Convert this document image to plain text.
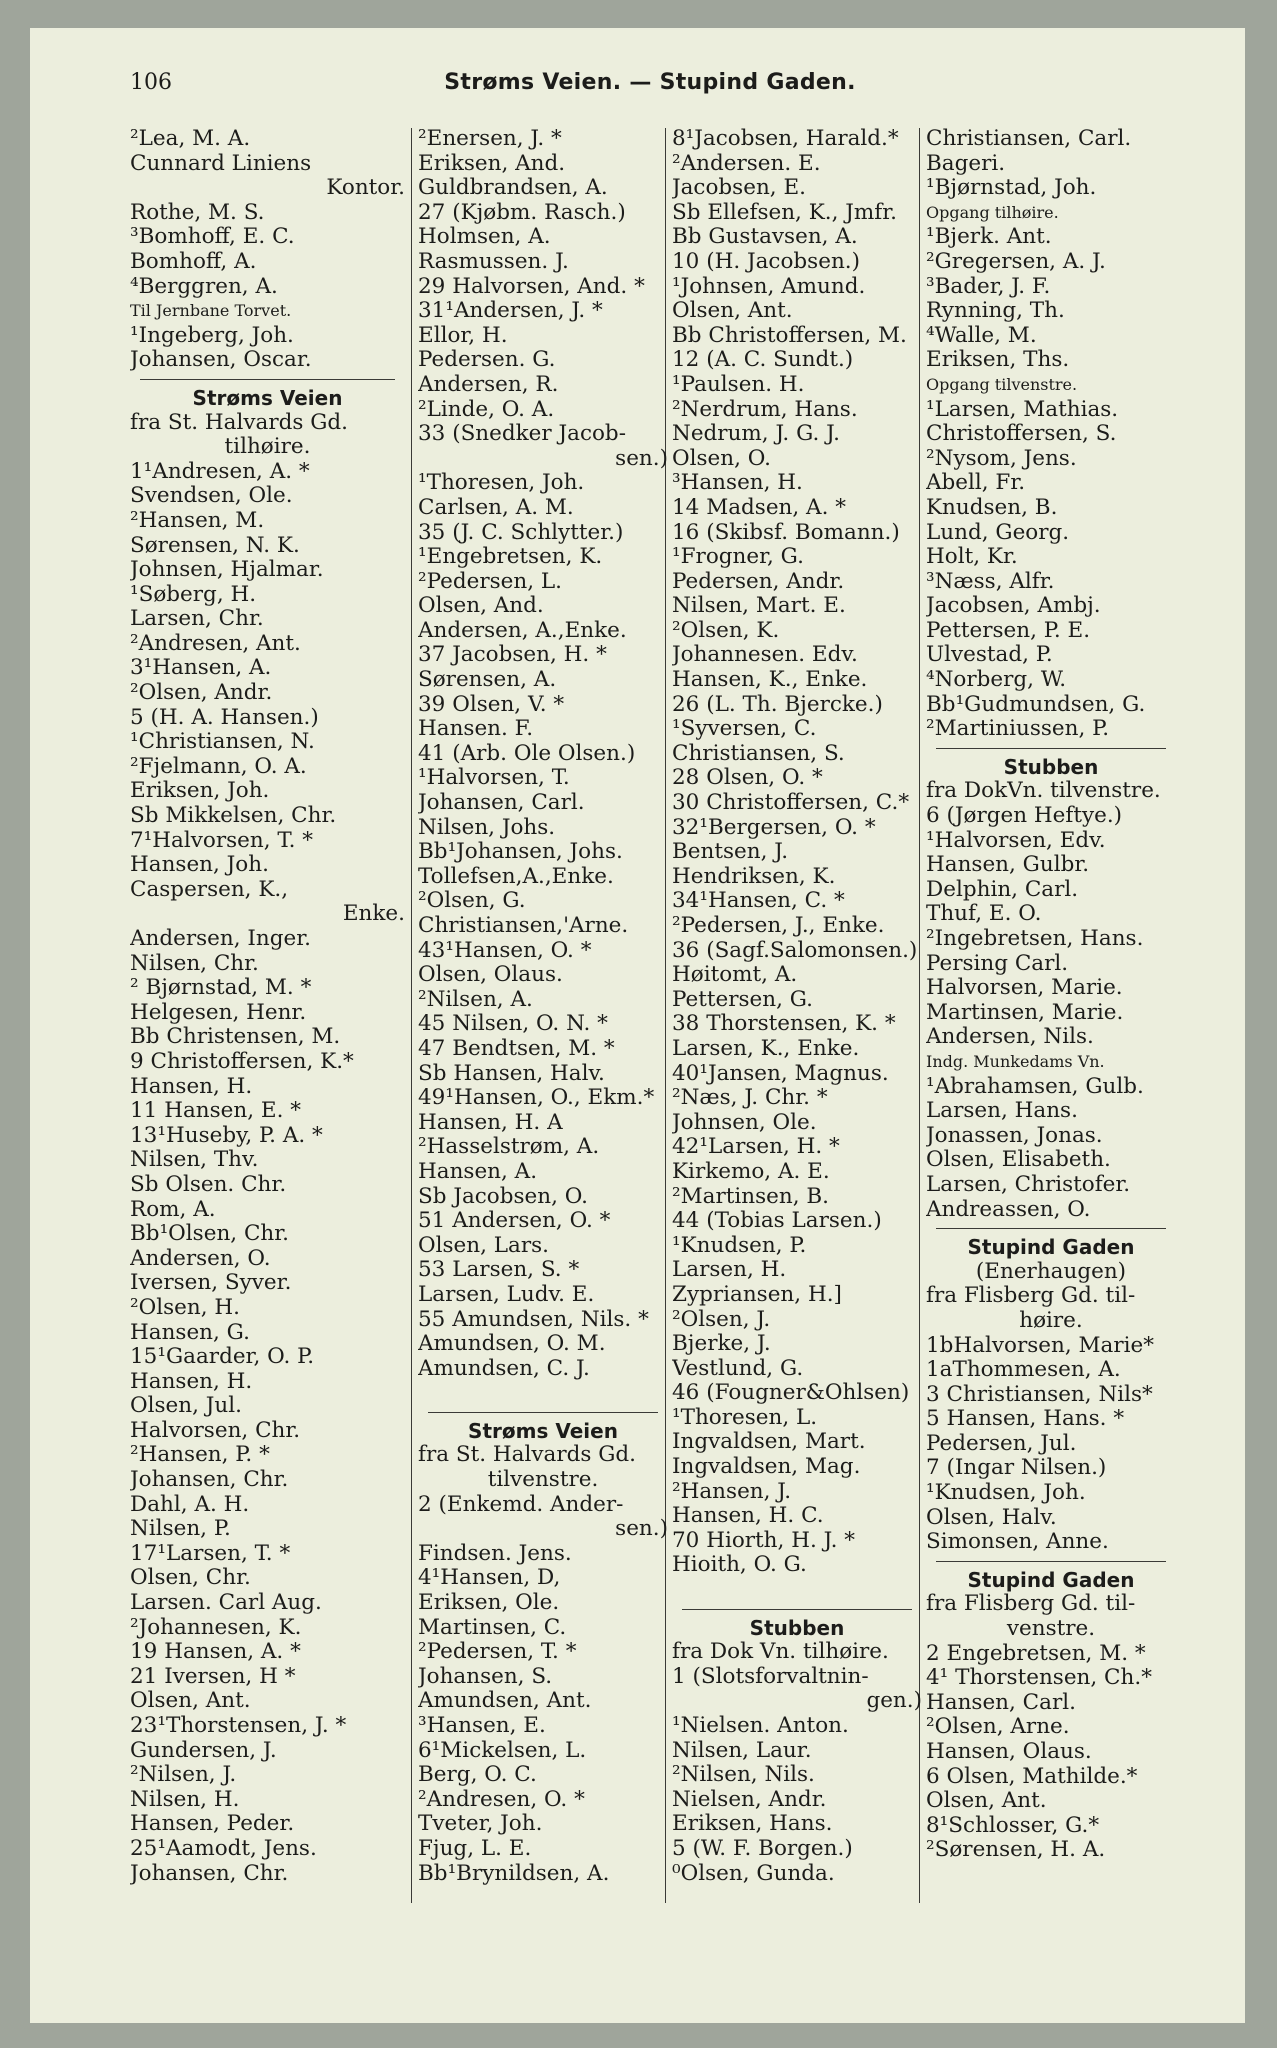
106	Strøms Veien. — Stupind Gaden.
²Lea, M. A.
Cunnard Liniens
Kontor.
Rothe, M. S.
³Bomhoff, E. C.
Bomhoff, A.
⁴Berggren, A.
Til Jernbane Torvet.
¹Ingeberg, Joh.
Johansen, Oscar.
Strøms Veien
fra St. Halvards Gd.
tilhøire.
1¹Andresen, A. *
Svendsen, Ole.
²Hansen, M.
Sørensen, N. K.
Johnsen, Hjalmar.
¹Søberg, H.
Larsen, Chr.
²Andresen, Ant.
3¹Hansen, A.
²Olsen, Andr.
5 (H. A. Hansen.)
¹Christiansen, N.
²Fjelmann, O. A.
Eriksen, Joh.
Sb Mikkelsen, Chr.
7¹Halvorsen, T. *
Hansen, Joh.
Caspersen, K.,
Enke.
Andersen, Inger.
Nilsen, Chr.
² Bjørnstad, M. *
Helgesen, Henr.
Bb Christensen, M.
9 Christoffersen, K.*
Hansen, H.
11 Hansen, E. *
13¹Huseby, P. A. *
Nilsen, Thv.
Sb Olsen. Chr.
Rom, A.
Bb¹Olsen, Chr.
Andersen, O.
Iversen, Syver.
²Olsen, H.
Hansen, G.
15¹Gaarder, O. P.
Hansen, H.
Olsen, Jul.
Halvorsen, Chr.
²Hansen, P. *
Johansen, Chr.
Dahl, A. H.
Nilsen, P.
17¹Larsen, T. *
Olsen, Chr.
Larsen. Carl Aug.
²Johannesen, K.
19 Hansen, A. *
21 Iversen, H *
Olsen, Ant.
23¹Thorstensen, J. *
Gundersen, J.
²Nilsen, J.
Nilsen, H.
Hansen, Peder.
25¹Aamodt, Jens.
Johansen, Chr.
²Enersen, J. *
Eriksen, And.
Guldbrandsen, A.
27 (Kjøbm. Rasch.)
Holmsen, A.
Rasmussen. J.
29 Halvorsen, And. *
31¹Andersen, J. *
Ellor, H.
Pedersen. G.
Andersen, R.
²Linde, O. A.
33 (Snedker Jacob-
sen.)
¹Thoresen, Joh.
Carlsen, A. M.
35 (J. C. Schlytter.)
¹Engebretsen, K.
²Pedersen, L.
Olsen, And.
Andersen, A.,Enke.
37 Jacobsen, H. *
Sørensen, A.
39 Olsen, V. *
Hansen. F.
41 (Arb. Ole Olsen.)
¹Halvorsen, T.
Johansen, Carl.
Nilsen, Johs.
Bb¹Johansen, Johs.
Tollefsen,A.,Enke.
²Olsen, G.
Christiansen,'Arne.
43¹Hansen, O. *
Olsen, Olaus.
²Nilsen, A.
45 Nilsen, O. N. *
47 Bendtsen, M. *
Sb Hansen, Halv.
49¹Hansen, O., Ekm.*
Hansen, H. A
²Hasselstrøm, A.
Hansen, A.
Sb Jacobsen, O.
51 Andersen, O. *
Olsen, Lars.
53 Larsen, S. *
Larsen, Ludv. E.
55 Amundsen, Nils. *
Amundsen, O. M.
Amundsen, C. J.
Strøms Veien
fra St. Halvards Gd.
tilvenstre.
2 (Enkemd. Ander-
sen.)
Findsen. Jens.
4¹Hansen, D,
Eriksen, Ole.
Martinsen, C.
²Pedersen, T. *
Johansen, S.
Amundsen, Ant.
³Hansen, E.
6¹Mickelsen, L.
Berg, O. C.
²Andresen, O. *
Tveter, Joh.
Fjug, L. E.
Bb¹Brynildsen, A.
8¹Jacobsen, Harald.*
²Andersen. E.
Jacobsen, E.
Sb Ellefsen, K., Jmfr.
Bb Gustavsen, A.
10 (H. Jacobsen.)
¹Johnsen, Amund.
Olsen, Ant.
Bb Christoffersen, M.
12 (A. C. Sundt.)
¹Paulsen. H.
²Nerdrum, Hans.
Nedrum, J. G. J.
Olsen, O.
³Hansen, H.
14 Madsen, A. *
16 (Skibsf. Bomann.)
¹Frogner, G.
Pedersen, Andr.
Nilsen, Mart. E.
²Olsen, K.
Johannesen. Edv.
Hansen, K., Enke.
26 (L. Th. Bjercke.)
¹Syversen, C.
Christiansen, S.
28 Olsen, O. *
30 Christoffersen, C.*
32¹Bergersen, O. *
Bentsen, J.
Hendriksen, K.
34¹Hansen, C. *
²Pedersen, J., Enke.
36 (Sagf.Salomonsen.)
Høitomt, A.
Pettersen, G.
38 Thorstensen, K. *
Larsen, K., Enke.
40¹Jansen, Magnus.
²Næs, J. Chr. *
Johnsen, Ole.
42¹Larsen, H. *
Kirkemo, A. E.
²Martinsen, B.
44 (Tobias Larsen.)
¹Knudsen, P.
Larsen, H.
Zypriansen, H.]
²Olsen, J.
Bjerke, J.
Vestlund, G.
46 (Fougner&Ohlsen)
¹Thoresen, L.
Ingvaldsen, Mart.
Ingvaldsen, Mag.
²Hansen, J.
Hansen, H. C.
70 Hiorth, H. J. *
Hioith, O. G.
Stubben
fra Dok Vn. tilhøire.
1 (Slotsforvaltnin-
gen.)
¹Nielsen. Anton.
Nilsen, Laur.
²Nilsen, Nils.
Nielsen, Andr.
Eriksen, Hans.
5 (W. F. Borgen.)
⁰Olsen, Gunda.
Christiansen, Carl.
Bageri.
¹Bjørnstad, Joh.
Opgang tilhøire.
¹Bjerk. Ant.
²Gregersen, A. J.
³Bader, J. F.
Rynning, Th.
⁴Walle, M.
Eriksen, Ths.
Opgang tilvenstre.
¹Larsen, Mathias.
Christoffersen, S.
²Nysom, Jens.
Abell, Fr.
Knudsen, B.
Lund, Georg.
Holt, Kr.
³Næss, Alfr.
Jacobsen, Ambj.
Pettersen, P. E.
Ulvestad, P.
⁴Norberg, W.
Bb¹Gudmundsen, G.
²Martiniussen, P.
Stubben
fra DokVn. tilvenstre.
6 (Jørgen Heftye.)
¹Halvorsen, Edv.
Hansen, Gulbr.
Delphin, Carl.
Thuf, E. O.
²Ingebretsen, Hans.
Persing Carl.
Halvorsen, Marie.
Martinsen, Marie.
Andersen, Nils.
Indg. Munkedams Vn.
¹Abrahamsen, Gulb.
Larsen, Hans.
Jonassen, Jonas.
Olsen, Elisabeth.
Larsen, Christofer.
Andreassen, O.
Stupind Gaden
(Enerhaugen)
fra Flisberg Gd. til-
høire.
1bHalvorsen, Marie*
1aThommesen, A.
3 Christiansen, Nils*
5 Hansen, Hans. *
Pedersen, Jul.
7 (Ingar Nilsen.)
¹Knudsen, Joh.
Olsen, Halv.
Simonsen, Anne.
Stupind Gaden
fra Flisberg Gd. til-
venstre.
2 Engebretsen, M. *
4¹ Thorstensen, Ch.*
Hansen, Carl.
²Olsen, Arne.
Hansen, Olaus.
6 Olsen, Mathilde.*
Olsen, Ant.
8¹Schlosser, G.*
²Sørensen, H. A.
